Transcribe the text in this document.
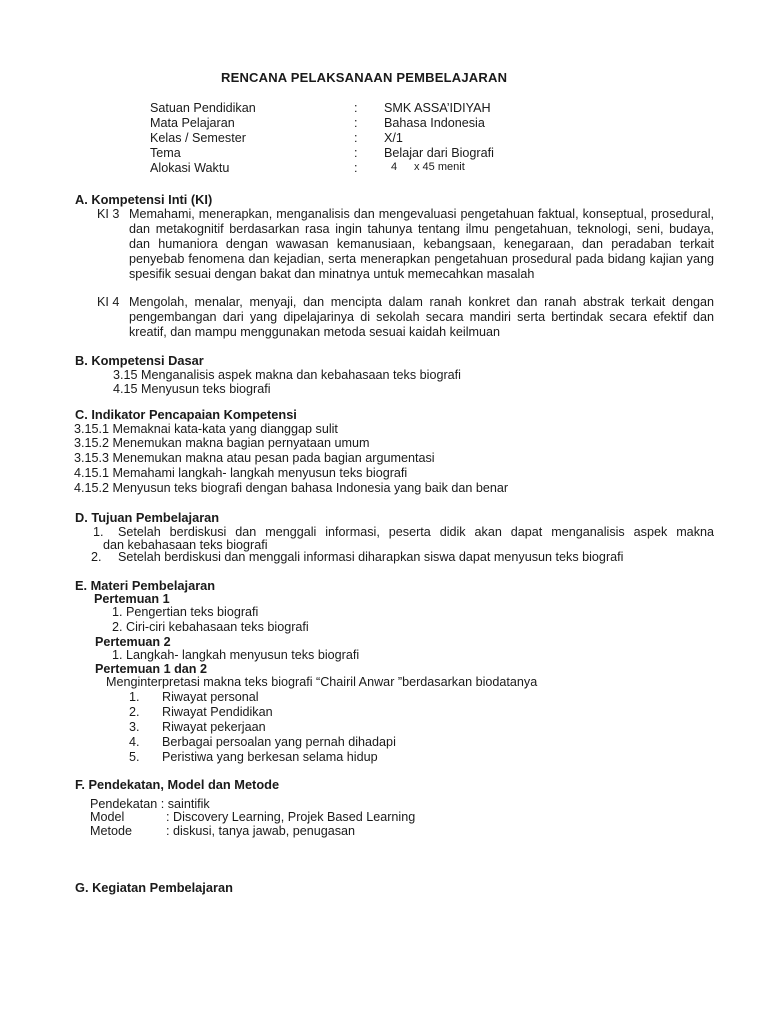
RENCANA PELAKSANAAN PEMBELAJARAN
Satuan Pendidikan	: SMK ASSA’IDIYAH
Mata Pelajaran	: Bahasa Indonesia
Kelas / Semester	: X/1
Tema	: Belajar dari Biografi
Alokasi Waktu	:	4 x 45 menit
A. Kompetensi Inti (KI)
KI 3 Memahami, menerapkan, menganalisis dan mengevaluasi pengetahuan faktual, konseptual, prosedural, dan metakognitif berdasarkan rasa ingin tahunya tentang ilmu pengetahuan, teknologi, seni, budaya, dan humaniora dengan wawasan kemanusiaan, kebangsaan, kenegaraan, dan peradaban terkait penyebab fenomena dan kejadian, serta menerapkan pengetahuan prosedural pada bidang kajian yang spesifik sesuai dengan bakat dan minatnya untuk memecahkan masalah
KI 4 Mengolah, menalar, menyaji, dan mencipta dalam ranah konkret dan ranah abstrak terkait dengan pengembangan dari yang dipelajarinya di sekolah secara mandiri serta bertindak secara efektif dan kreatif, dan mampu menggunakan metoda sesuai kaidah keilmuan
B. Kompetensi Dasar
3.15 Menganalisis aspek makna dan kebahasaan teks biografi
4.15 Menyusun teks biografi
C. Indikator Pencapaian Kompetensi
3.15.1 Memaknai kata-kata yang dianggap sulit
3.15.2 Menemukan makna bagian pernyataan umum
3.15.3 Menemukan makna atau pesan pada bagian argumentasi
4.15.1 Memahami langkah- langkah menyusun teks biografi
4.15.2 Menyusun teks biografi dengan bahasa Indonesia yang baik dan benar
D. Tujuan Pembelajaran
1. Setelah berdiskusi dan menggali informasi, peserta didik akan dapat menganalisis aspek makna
dan kebahasaan teks biografi
2. Setelah berdiskusi dan menggali informasi diharapkan siswa dapat menyusun teks biografi
E. Materi Pembelajaran
Pertemuan 1
1. Pengertian teks biografi
2. Ciri-ciri kebahasaan teks biografi
Pertemuan 2
1. Langkah- langkah menyusun teks biografi
Pertemuan 1 dan 2
Menginterpretasi makna teks biografi “Chairil Anwar ”berdasarkan biodatanya
1. Riwayat personal
2. Riwayat Pendidikan
3. Riwayat pekerjaan
4. Berbagai persoalan yang pernah dihadapi
5. Peristiwa yang berkesan selama hidup
F. Pendekatan, Model dan Metode
Pendekatan : saintifik
Model	: Discovery Learning, Projek Based Learning
Metode	: diskusi, tanya jawab, penugasan
G. Kegiatan Pembelajaran
